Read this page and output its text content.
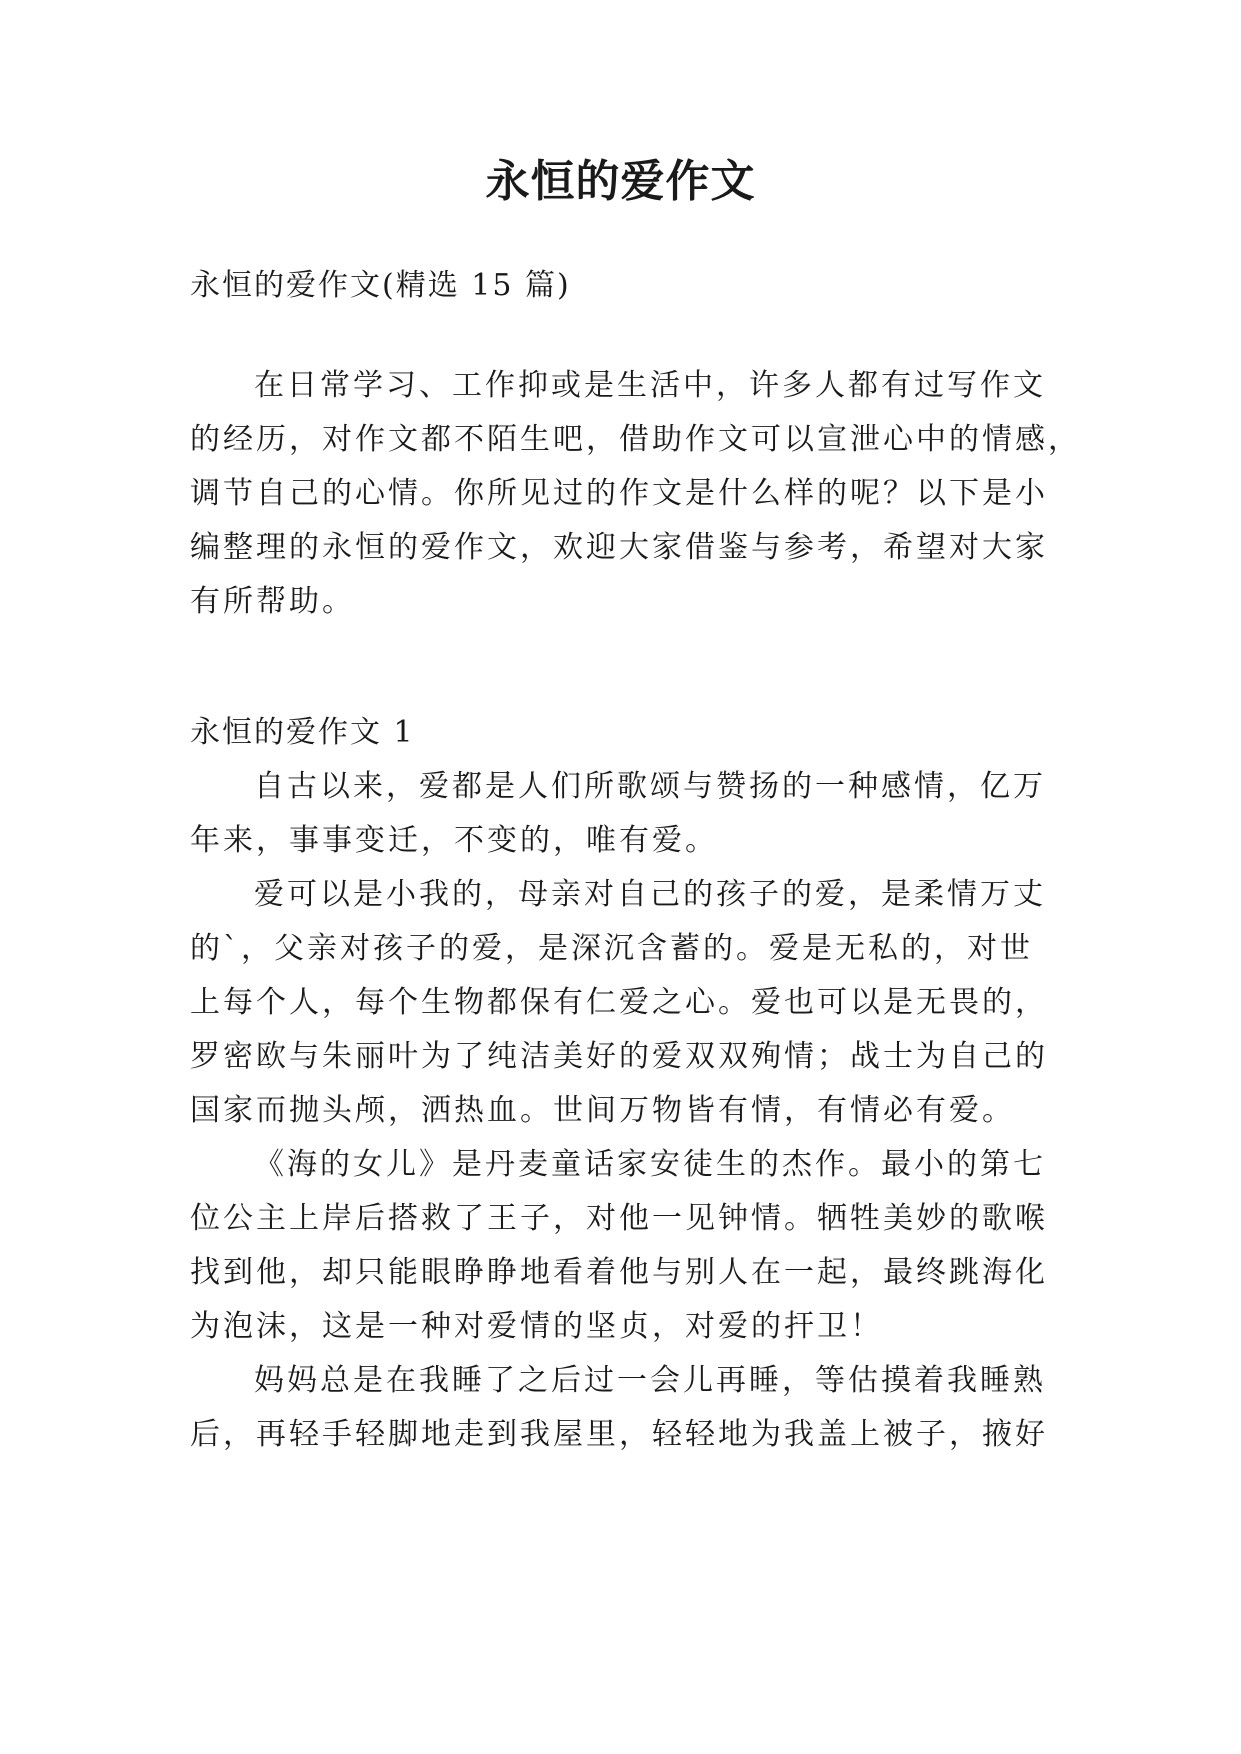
永恒的爱作文

永恒的爱作文(精选 15 篇)

在日常学习、工作抑或是生活中，许多人都有过写作文

的经历，对作文都不陌生吧，借助作文可以宣泄心中的情感，

调节自己的心情。你所见过的作文是什么样的呢？以下是小

编整理的永恒的爱作文，欢迎大家借鉴与参考，希望对大家

有所帮助。

永恒的爱作文 1

自古以来，爱都是人们所歌颂与赞扬的一种感情，亿万

年来，事事变迁，不变的，唯有爱。

爱可以是小我的，母亲对自己的孩子的爱，是柔情万丈

的`，父亲对孩子的爱，是深沉含蓄的。爱是无私的，对世

上每个人，每个生物都保有仁爱之心。爱也可以是无畏的，

罗密欧与朱丽叶为了纯洁美好的爱双双殉情；战士为自己的

国家而抛头颅，洒热血。世间万物皆有情，有情必有爱。

《海的女儿》是丹麦童话家安徒生的杰作。最小的第七

位公主上岸后搭救了王子，对他一见钟情。牺牲美妙的歌喉

找到他，却只能眼睁睁地看着他与别人在一起，最终跳海化

为泡沫，这是一种对爱情的坚贞，对爱的扞卫！

妈妈总是在我睡了之后过一会儿再睡，等估摸着我睡熟

后，再轻手轻脚地走到我屋里，轻轻地为我盖上被子，掖好
